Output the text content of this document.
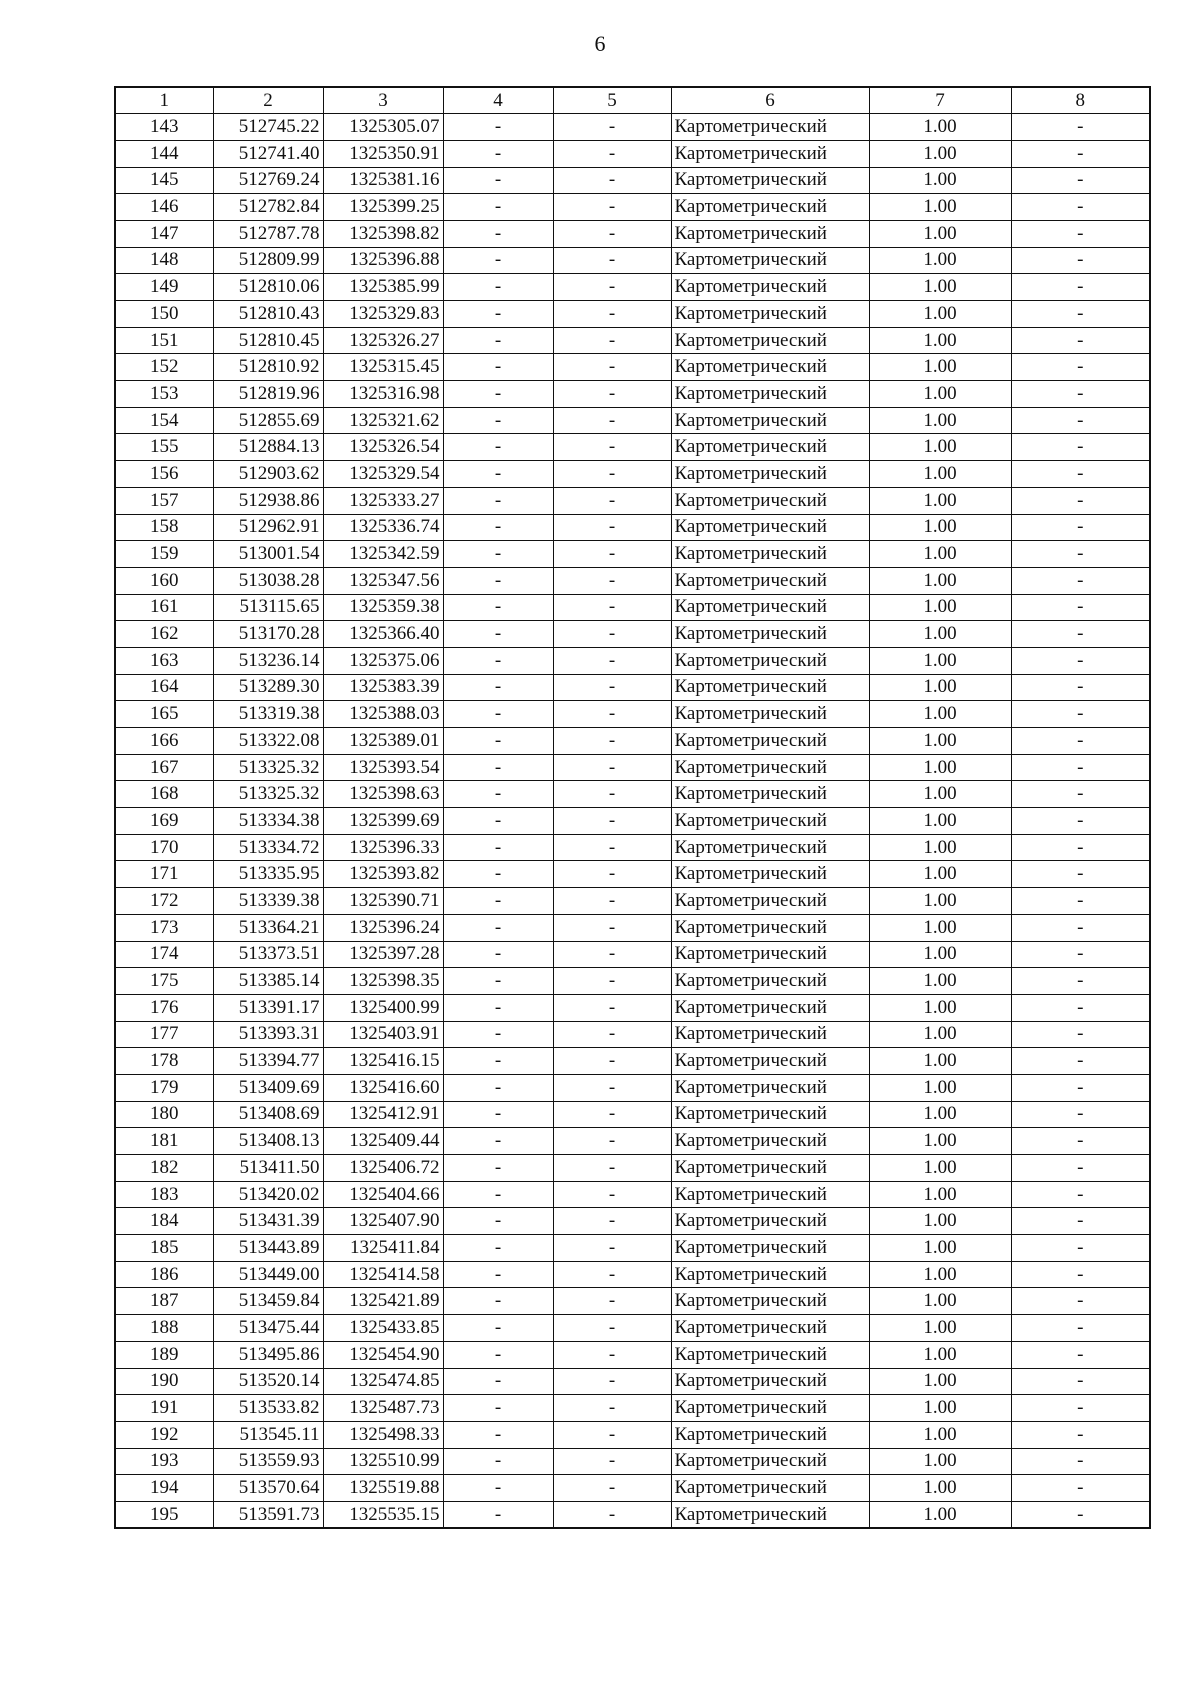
6
1	2	3	4	5	6	7	8
143	512745.22	1325305.07	-	-	Картометрический	1.00	-
144	512741.40	1325350.91	-	-	Картометрический	1.00	-
145	512769.24	1325381.16	-	-	Картометрический	1.00	-
146	512782.84	1325399.25	-	-	Картометрический	1.00	-
147	512787.78	1325398.82	-	-	Картометрический	1.00	-
148	512809.99	1325396.88	-	-	Картометрический	1.00	-
149	512810.06	1325385.99	-	-	Картометрический	1.00	-
150	512810.43	1325329.83	-	-	Картометрический	1.00	-
151	512810.45	1325326.27	-	-	Картометрический	1.00	-
152	512810.92	1325315.45	-	-	Картометрический	1.00	-
153	512819.96	1325316.98	-	-	Картометрический	1.00	-
154	512855.69	1325321.62	-	-	Картометрический	1.00	-
155	512884.13	1325326.54	-	-	Картометрический	1.00	-
156	512903.62	1325329.54	-	-	Картометрический	1.00	-
157	512938.86	1325333.27	-	-	Картометрический	1.00	-
158	512962.91	1325336.74	-	-	Картометрический	1.00	-
159	513001.54	1325342.59	-	-	Картометрический	1.00	-
160	513038.28	1325347.56	-	-	Картометрический	1.00	-
161	513115.65	1325359.38	-	-	Картометрический	1.00	-
162	513170.28	1325366.40	-	-	Картометрический	1.00	-
163	513236.14	1325375.06	-	-	Картометрический	1.00	-
164	513289.30	1325383.39	-	-	Картометрический	1.00	-
165	513319.38	1325388.03	-	-	Картометрический	1.00	-
166	513322.08	1325389.01	-	-	Картометрический	1.00	-
167	513325.32	1325393.54	-	-	Картометрический	1.00	-
168	513325.32	1325398.63	-	-	Картометрический	1.00	-
169	513334.38	1325399.69	-	-	Картометрический	1.00	-
170	513334.72	1325396.33	-	-	Картометрический	1.00	-
171	513335.95	1325393.82	-	-	Картометрический	1.00	-
172	513339.38	1325390.71	-	-	Картометрический	1.00	-
173	513364.21	1325396.24	-	-	Картометрический	1.00	-
174	513373.51	1325397.28	-	-	Картометрический	1.00	-
175	513385.14	1325398.35	-	-	Картометрический	1.00	-
176	513391.17	1325400.99	-	-	Картометрический	1.00	-
177	513393.31	1325403.91	-	-	Картометрический	1.00	-
178	513394.77	1325416.15	-	-	Картометрический	1.00	-
179	513409.69	1325416.60	-	-	Картометрический	1.00	-
180	513408.69	1325412.91	-	-	Картометрический	1.00	-
181	513408.13	1325409.44	-	-	Картометрический	1.00	-
182	513411.50	1325406.72	-	-	Картометрический	1.00	-
183	513420.02	1325404.66	-	-	Картометрический	1.00	-
184	513431.39	1325407.90	-	-	Картометрический	1.00	-
185	513443.89	1325411.84	-	-	Картометрический	1.00	-
186	513449.00	1325414.58	-	-	Картометрический	1.00	-
187	513459.84	1325421.89	-	-	Картометрический	1.00	-
188	513475.44	1325433.85	-	-	Картометрический	1.00	-
189	513495.86	1325454.90	-	-	Картометрический	1.00	-
190	513520.14	1325474.85	-	-	Картометрический	1.00	-
191	513533.82	1325487.73	-	-	Картометрический	1.00	-
192	513545.11	1325498.33	-	-	Картометрический	1.00	-
193	513559.93	1325510.99	-	-	Картометрический	1.00	-
194	513570.64	1325519.88	-	-	Картометрический	1.00	-
195	513591.73	1325535.15	-	-	Картометрический	1.00	-
